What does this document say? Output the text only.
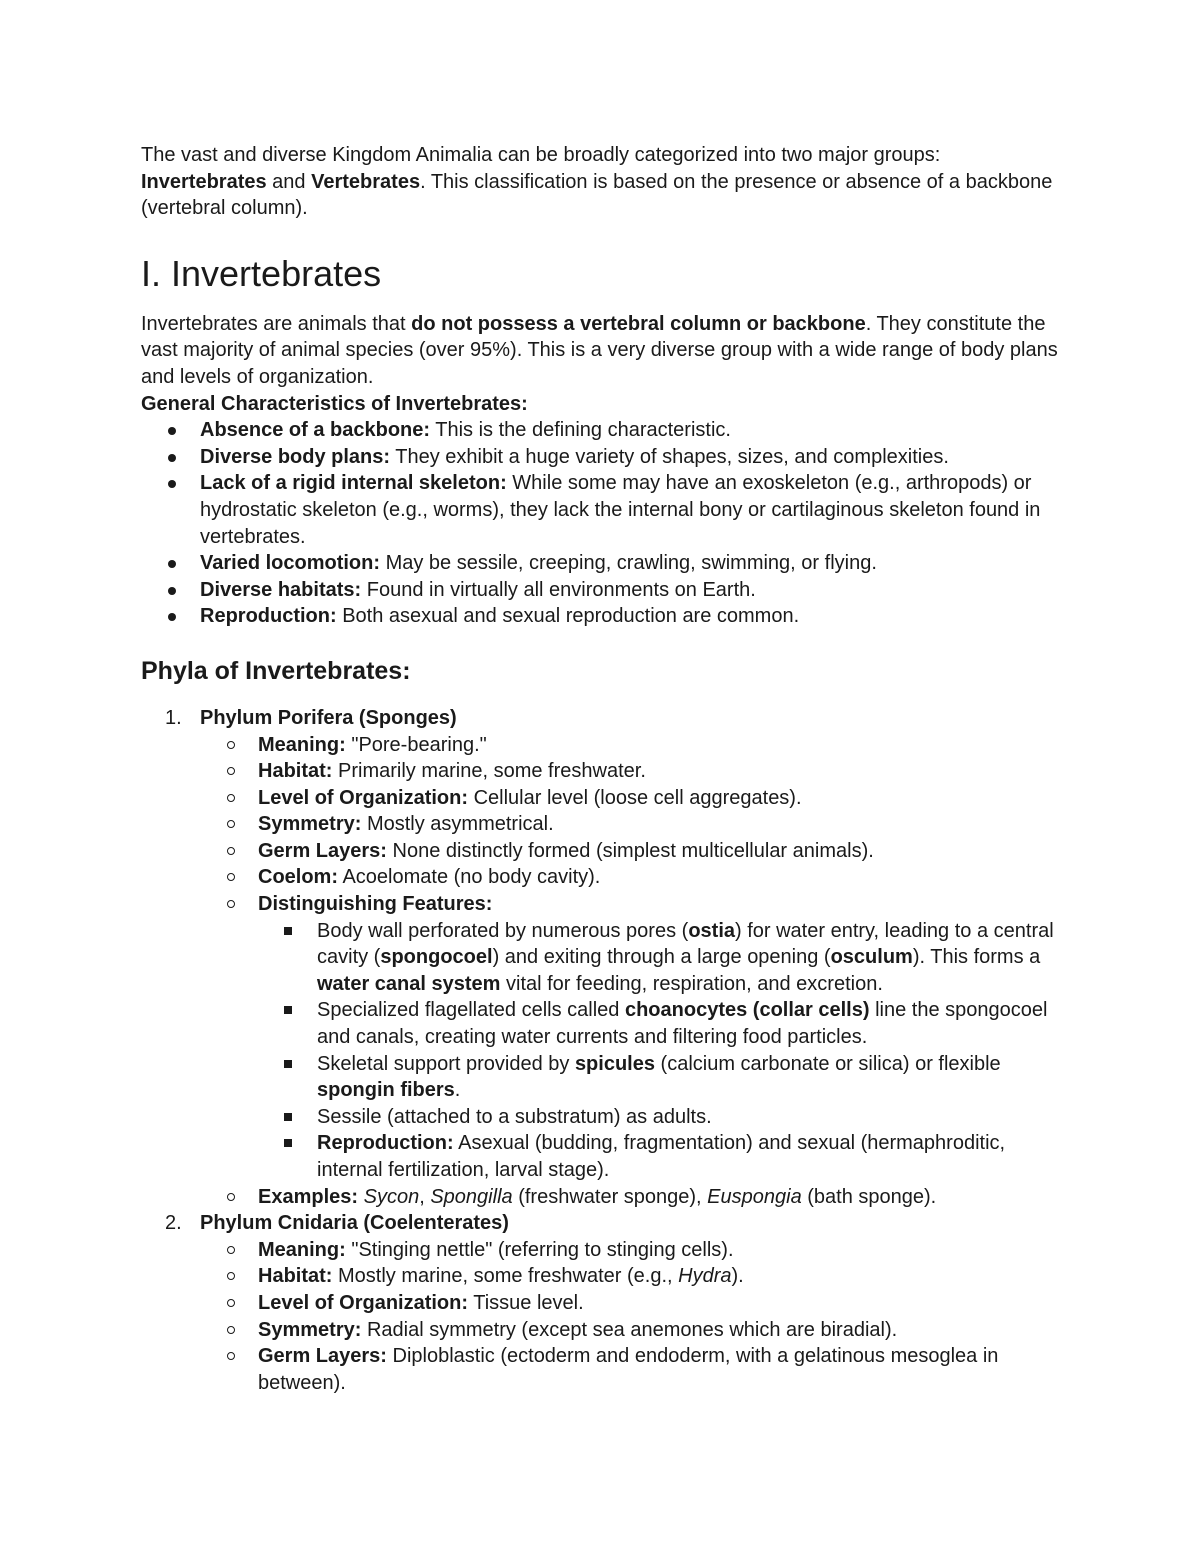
The vast and diverse Kingdom Animalia can be broadly categorized into two major groups: Invertebrates and Vertebrates. This classification is based on the presence or absence of a backbone (vertebral column).

I. Invertebrates

Invertebrates are animals that do not possess a vertebral column or backbone. They constitute the vast majority of animal species (over 95%). This is a very diverse group with a wide range of body plans and levels of organization.

General Characteristics of Invertebrates:

Absence of a backbone: This is the defining characteristic.
Diverse body plans: They exhibit a huge variety of shapes, sizes, and complexities.
Lack of a rigid internal skeleton: While some may have an exoskeleton (e.g., arthropods) or hydrostatic skeleton (e.g., worms), they lack the internal bony or cartilaginous skeleton found in vertebrates.
Varied locomotion: May be sessile, creeping, crawling, swimming, or flying.
Diverse habitats: Found in virtually all environments on Earth.
Reproduction: Both asexual and sexual reproduction are common.
Phyla of Invertebrates:
1. Phylum Porifera (Sponges)
Meaning: "Pore-bearing."
Habitat: Primarily marine, some freshwater.
Level of Organization: Cellular level (loose cell aggregates).
Symmetry: Mostly asymmetrical.
Germ Layers: None distinctly formed (simplest multicellular animals).
Coelom: Acoelomate (no body cavity).
Distinguishing Features:
Body wall perforated by numerous pores (ostia) for water entry, leading to a central cavity (spongocoel) and exiting through a large opening (osculum). This forms a water canal system vital for feeding, respiration, and excretion.
Specialized flagellated cells called choanocytes (collar cells) line the spongocoel and canals, creating water currents and filtering food particles.
Skeletal support provided by spicules (calcium carbonate or silica) or flexible spongin fibers.
Sessile (attached to a substratum) as adults.
Reproduction: Asexual (budding, fragmentation) and sexual (hermaphroditic, internal fertilization, larval stage).
Examples: Sycon, Spongilla (freshwater sponge), Euspongia (bath sponge).
2. Phylum Cnidaria (Coelenterates)
Meaning: "Stinging nettle" (referring to stinging cells).
Habitat: Mostly marine, some freshwater (e.g., Hydra).
Level of Organization: Tissue level.
Symmetry: Radial symmetry (except sea anemones which are biradial).
Germ Layers: Diploblastic (ectoderm and endoderm, with a gelatinous mesoglea in between).
